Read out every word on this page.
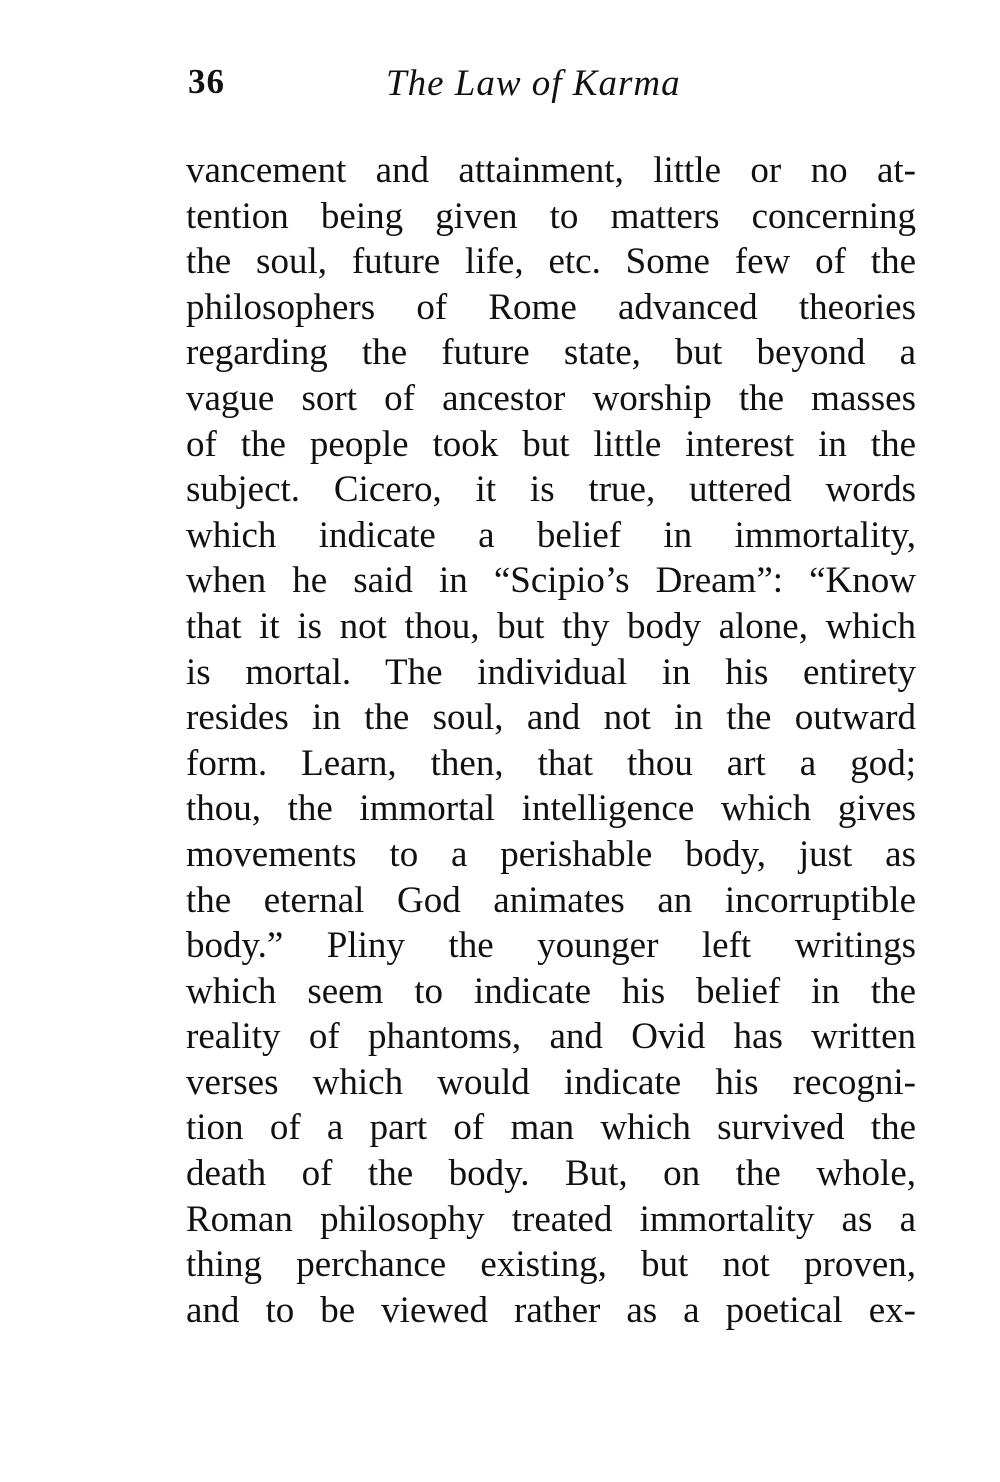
36	The Law of Karma
vancement and attainment, little or no at-
tention being given to matters concerning
the soul, future life, etc. Some few of the
philosophers of Rome advanced theories
regarding the future state, but beyond a
vague sort of ancestor worship the masses
of the people took but little interest in the
subject. Cicero, it is true, uttered words
which indicate a belief in immortality,
when he said in “Scipio’s Dream”: “Know
that it is not thou, but thy body alone, which
is mortal. The individual in his entirety
resides in the soul, and not in the outward
form. Learn, then, that thou art a god;
thou, the immortal intelligence which gives
movements to a perishable body, just as
the eternal God animates an incorruptible
body.” Pliny the younger left writings
which seem to indicate his belief in the
reality of phantoms, and Ovid has written
verses which would indicate his recogni-
tion of a part of man which survived the
death of the body. But, on the whole,
Roman philosophy treated immortality as a
thing perchance existing, but not proven,
and to be viewed rather as a poetical ex-
